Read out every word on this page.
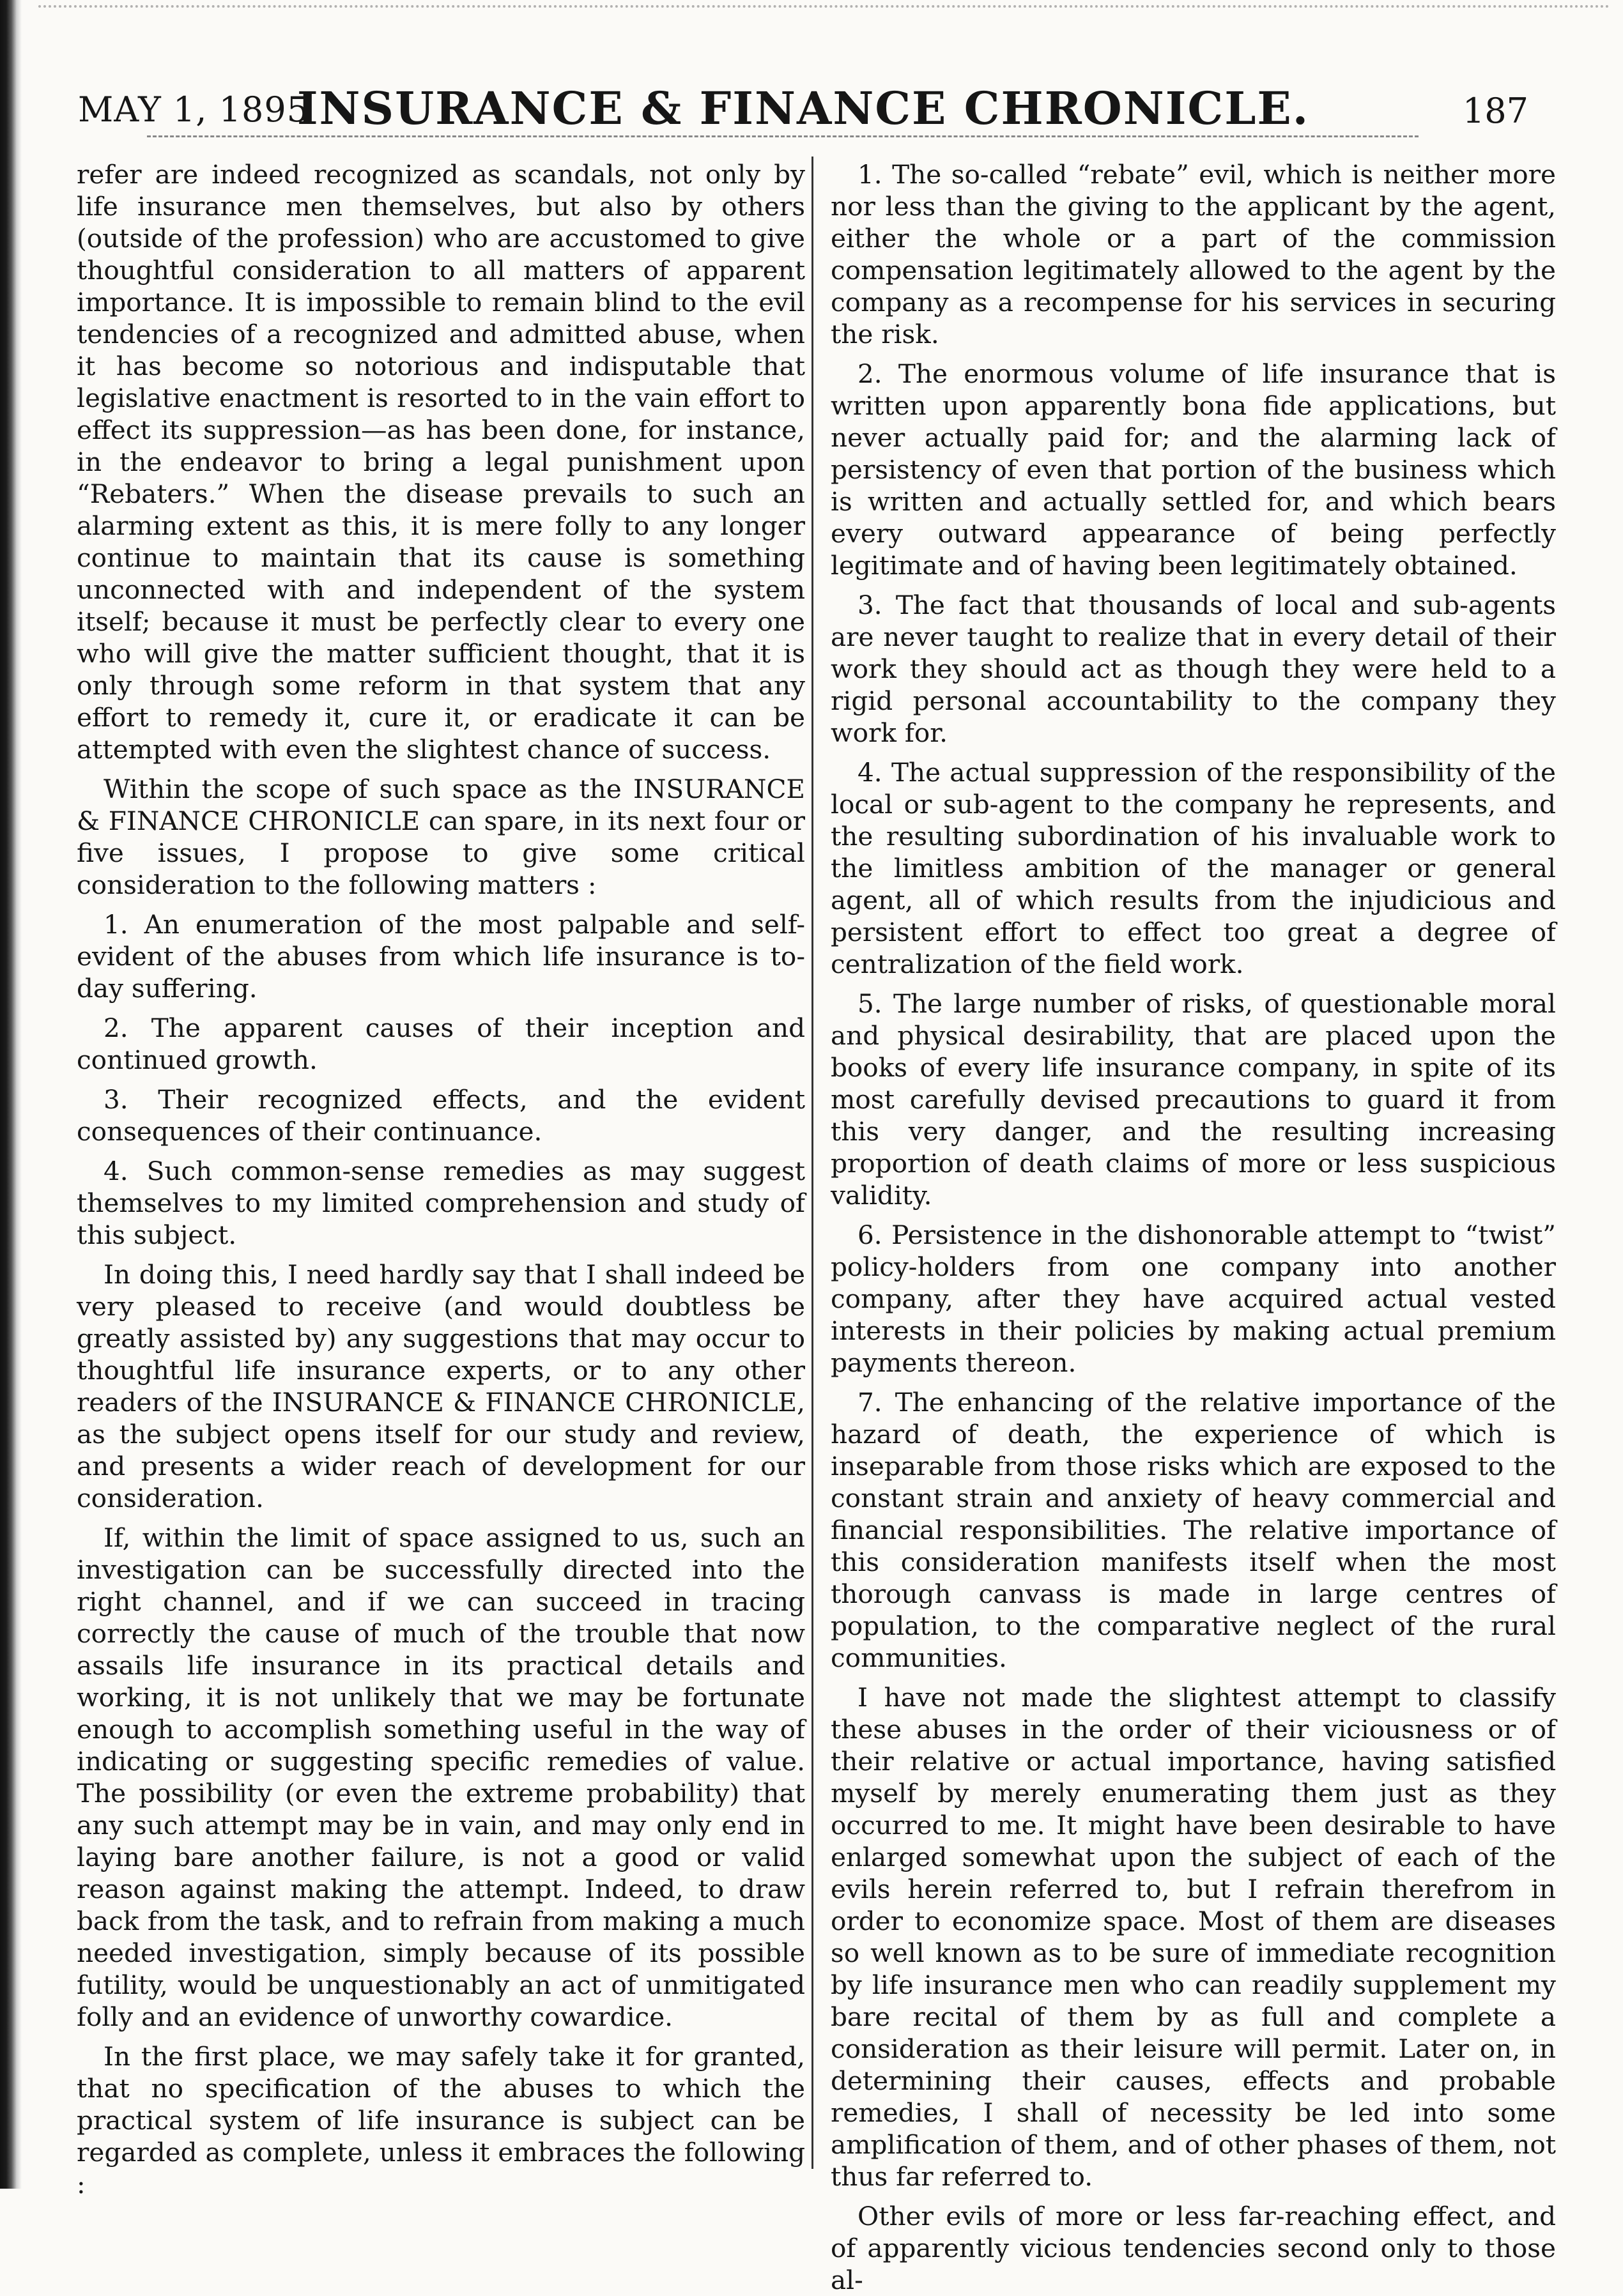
MAY 1, 1895
INSURANCE & FINANCE CHRONICLE.	187

refer are indeed recognized as scandals, not only by life insurance men themselves, but also by others (outside of the profession) who are accustomed to give thoughtful consideration to all matters of apparent importance. It is impossible to remain blind to the evil tendencies of a recognized and admitted abuse, when it has become so notorious and indisputable that legislative enactment is resorted to in the vain effort to effect its suppression—as has been done, for instance, in the endeavor to bring a legal punishment upon “Rebaters.” When the disease prevails to such an alarming extent as this, it is mere folly to any longer continue to maintain that its cause is something unconnected with and independent of the system itself; because it must be perfectly clear to every one who will give the matter sufficient thought, that it is only through some reform in that system that any effort to remedy it, cure it, or eradicate it can be attempted with even the slightest chance of success.

Within the scope of such space as the INSURANCE & FINANCE CHRONICLE can spare, in its next four or five issues, I propose to give some critical consideration to the following matters :

1. An enumeration of the most palpable and self-evident of the abuses from which life insurance is to-day suffering.

2. The apparent causes of their inception and continued growth.

3. Their recognized effects, and the evident consequences of their continuance.

4. Such common-sense remedies as may suggest themselves to my limited comprehension and study of this subject.

In doing this, I need hardly say that I shall indeed be very pleased to receive (and would doubtless be greatly assisted by) any suggestions that may occur to thoughtful life insurance experts, or to any other readers of the INSURANCE & FINANCE CHRONICLE, as the subject opens itself for our study and review, and presents a wider reach of development for our consideration.

If, within the limit of space assigned to us, such an investigation can be successfully directed into the right channel, and if we can succeed in tracing correctly the cause of much of the trouble that now assails life insurance in its practical details and working, it is not unlikely that we may be fortunate enough to accomplish something useful in the way of indicating or suggesting specific remedies of value. The possibility (or even the extreme probability) that any such attempt may be in vain, and may only end in laying bare another failure, is not a good or valid reason against making the attempt. Indeed, to draw back from the task, and to refrain from making a much needed investigation, simply because of its possible futility, would be unquestionably an act of unmitigated folly and an evidence of unworthy cowardice.

In the first place, we may safely take it for granted, that no specification of the abuses to which the practical system of life insurance is subject can be regarded as complete, unless it embraces the following :

1. The so-called “rebate” evil, which is neither more nor less than the giving to the applicant by the agent, either the whole or a part of the commission compensation legitimately allowed to the agent by the company as a recompense for his services in securing the risk.

2. The enormous volume of life insurance that is written upon apparently bona fide applications, but never actually paid for; and the alarming lack of persistency of even that portion of the business which is written and actually settled for, and which bears every outward appearance of being perfectly legitimate and of having been legitimately obtained.

3. The fact that thousands of local and sub-agents are never taught to realize that in every detail of their work they should act as though they were held to a rigid personal accountability to the company they work for.

4. The actual suppression of the responsibility of the local or sub-agent to the company he represents, and the resulting subordination of his invaluable work to the limitless ambition of the manager or general agent, all of which results from the injudicious and persistent effort to effect too great a degree of centralization of the field work.

5. The large number of risks, of questionable moral and physical desirability, that are placed upon the books of every life insurance company, in spite of its most carefully devised precautions to guard it from this very danger, and the resulting increasing proportion of death claims of more or less suspicious validity.

6. Persistence in the dishonorable attempt to “twist” policy-holders from one company into another company, after they have acquired actual vested interests in their policies by making actual premium payments thereon.

7. The enhancing of the relative importance of the hazard of death, the experience of which is inseparable from those risks which are exposed to the constant strain and anxiety of heavy commercial and financial responsibilities. The relative importance of this consideration manifests itself when the most thorough canvass is made in large centres of population, to the comparative neglect of the rural communities.

I have not made the slightest attempt to classify these abuses in the order of their viciousness or of their relative or actual importance, having satisfied myself by merely enumerating them just as they occurred to me. It might have been desirable to have enlarged somewhat upon the subject of each of the evils herein referred to, but I refrain therefrom in order to economize space. Most of them are diseases so well known as to be sure of immediate recognition by life insurance men who can readily supplement my bare recital of them by as full and complete a consideration as their leisure will permit. Later on, in determining their causes, effects and probable remedies, I shall of necessity be led into some amplification of them, and of other phases of them, not thus far referred to.

Other evils of more or less far-reaching effect, and of apparently vicious tendencies second only to those al-
